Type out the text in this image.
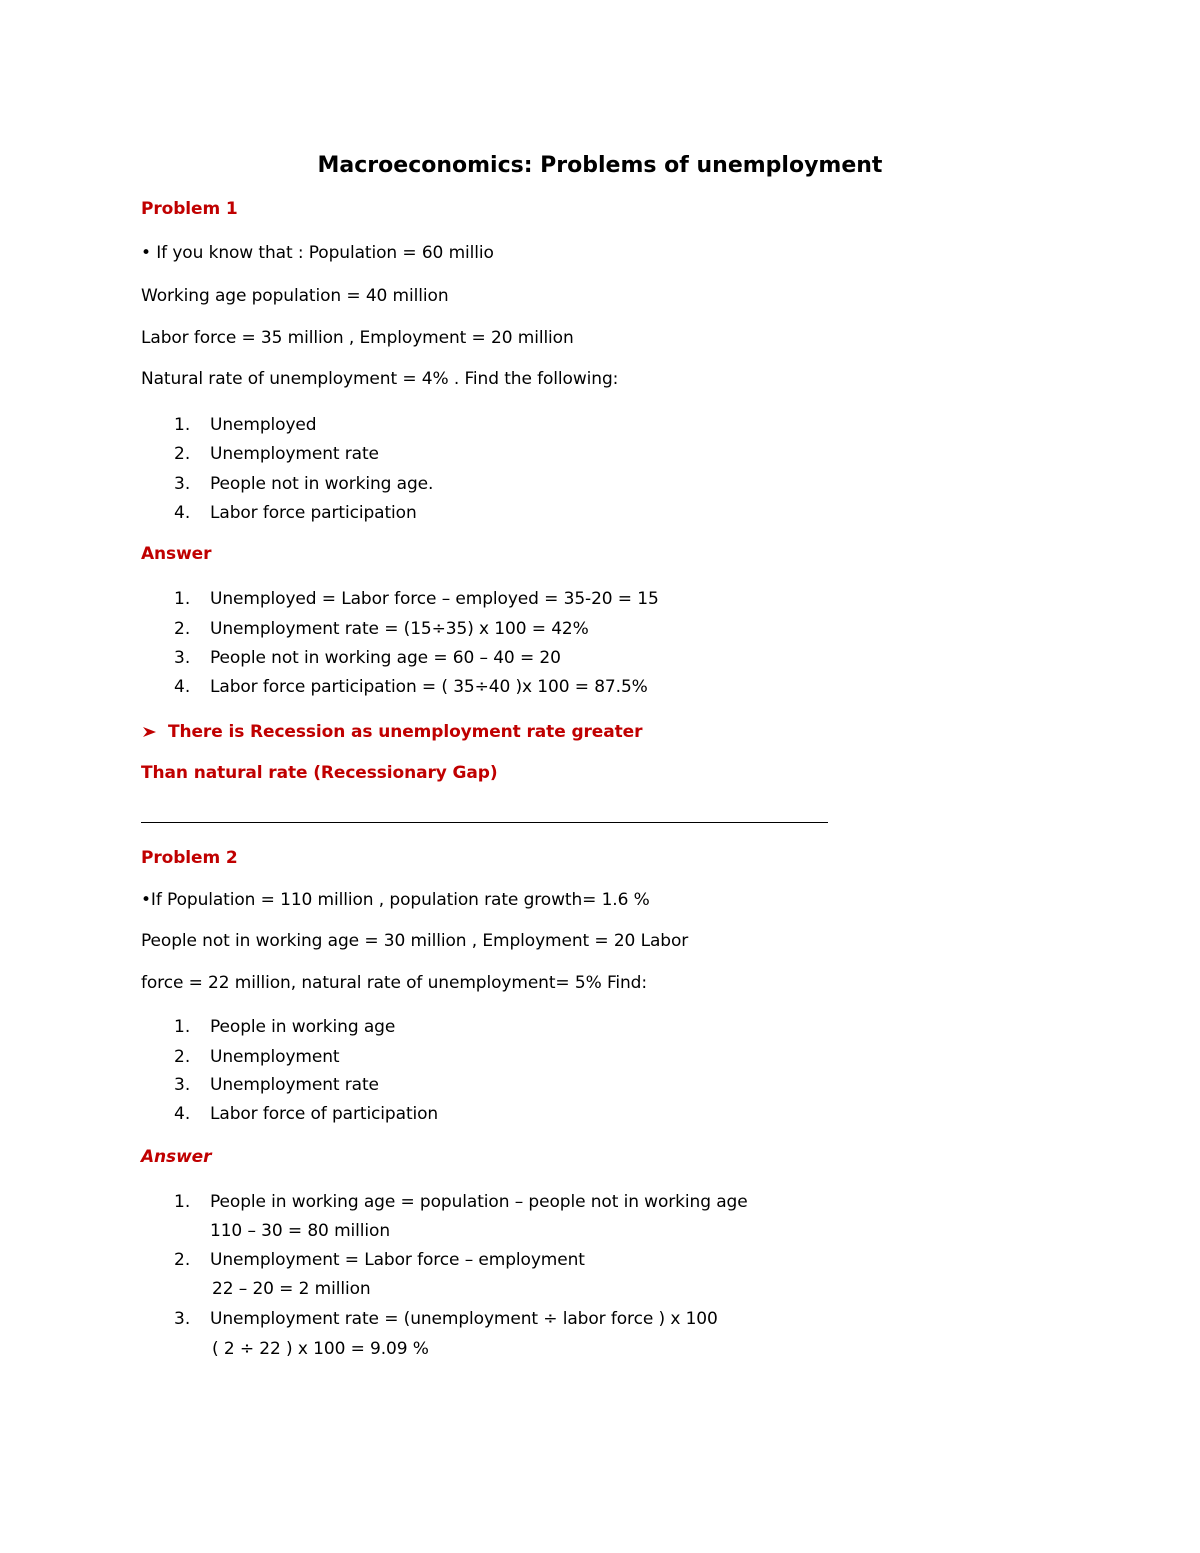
Macroeconomics: Problems of unemployment
Problem 1
• If you know that : Population = 60 millio
Working age population = 40 million
Labor force = 35 million , Employment = 20 million
Natural rate of unemployment = 4% . Find the following:
1.	Unemployed
2.	Unemployment rate
3.	People not in working age.
4.	Labor force participation
Answer
1.	Unemployed = Labor force – employed = 35-20 = 15
2.	Unemployment rate = (15÷35) x 100 = 42%
3.	People not in working age = 60 – 40 = 20
4.	Labor force participation = ( 35÷40 )x 100 = 87.5%
There is Recession as unemployment rate greater
Than natural rate (Recessionary Gap)
Problem 2
•If Population = 110 million , population rate growth= 1.6 %
People not in working age = 30 million , Employment = 20 Labor
force = 22 million, natural rate of unemployment= 5% Find:
1.	People in working age
2.	Unemployment
3.	Unemployment rate
4.	Labor force of participation
Answer
1.	People in working age = population – people not in working age
110 – 30 = 80 million
2.	Unemployment = Labor force – employment
22 – 20 = 2 million
3.	Unemployment rate = (unemployment ÷ labor force ) x 100
( 2 ÷ 22 ) x 100 = 9.09 %
